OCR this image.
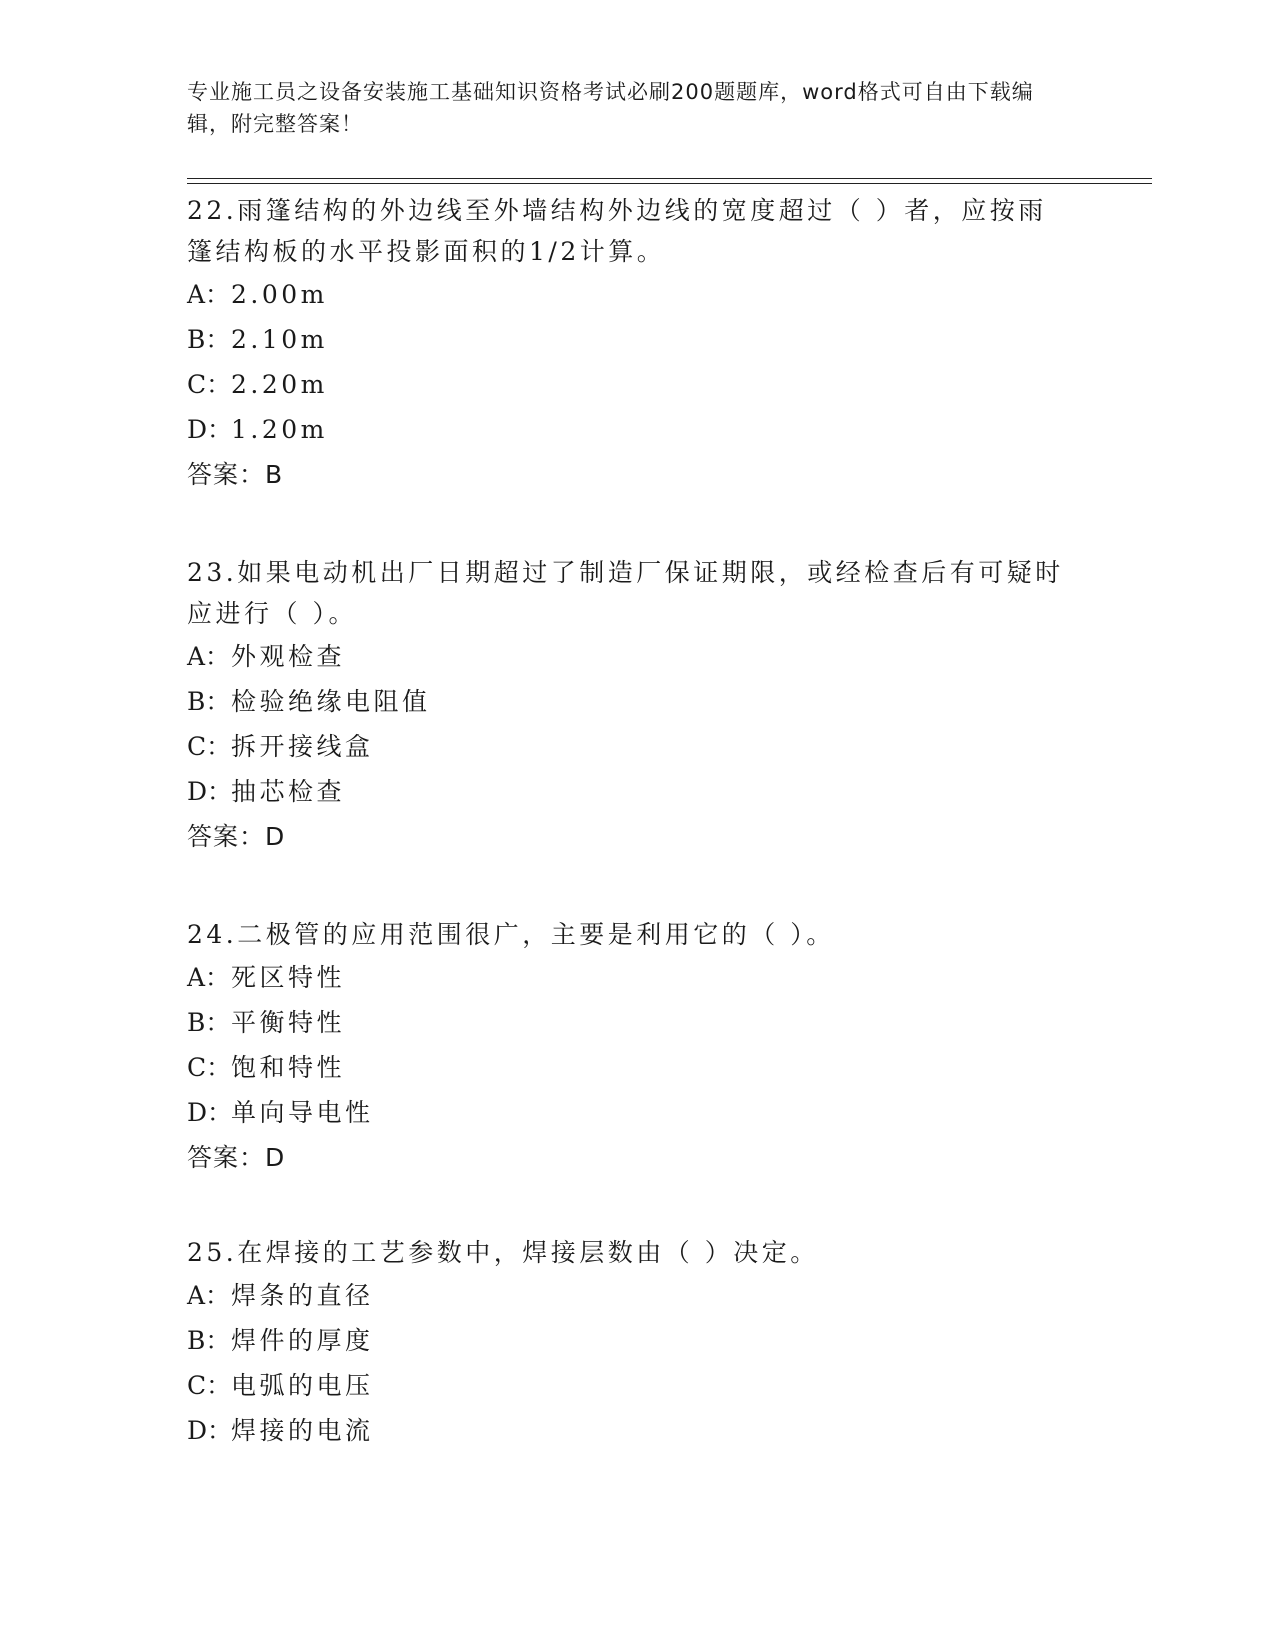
专业施工员之设备安装施工基础知识资格考试必刷200题题库，word格式可自由下载编辑，附完整答案！

22.雨篷结构的外边线至外墙结构外边线的宽度超过（ ）者，应按雨篷结构板的水平投影面积的1/2计算。

A：2.00m
B：2.10m
C：2.20m
D：1.20m
答案：B

23.如果电动机出厂日期超过了制造厂保证期限，或经检查后有可疑时应进行（ ）。

A：外观检查
B：检验绝缘电阻值
C：拆开接线盒
D：抽芯检查
答案：D

24.二极管的应用范围很广，主要是利用它的（ ）。

A：死区特性
B：平衡特性
C：饱和特性
D：单向导电性
答案：D

25.在焊接的工艺参数中，焊接层数由（ ）决定。

A：焊条的直径
B：焊件的厚度
C：电弧的电压
D：焊接的电流
